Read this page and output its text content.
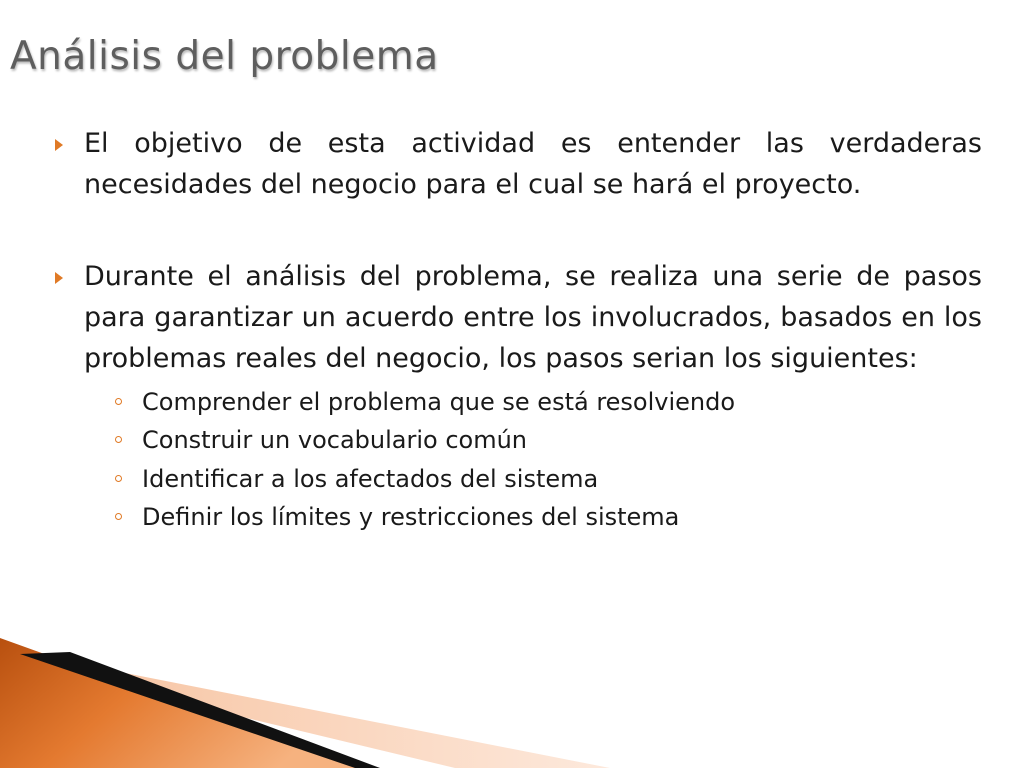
Análisis del problema
El objetivo de esta actividad es entender las verdaderas necesidades del negocio para el cual se hará el proyecto.
Durante el análisis del problema, se realiza una serie de pasos para garantizar un acuerdo entre los involucrados, basados en los problemas reales del negocio, los pasos serian los siguientes:
Comprender el problema que se está resolviendo
Construir un vocabulario común
Identificar a los afectados del sistema
Definir los límites y restricciones del sistema
